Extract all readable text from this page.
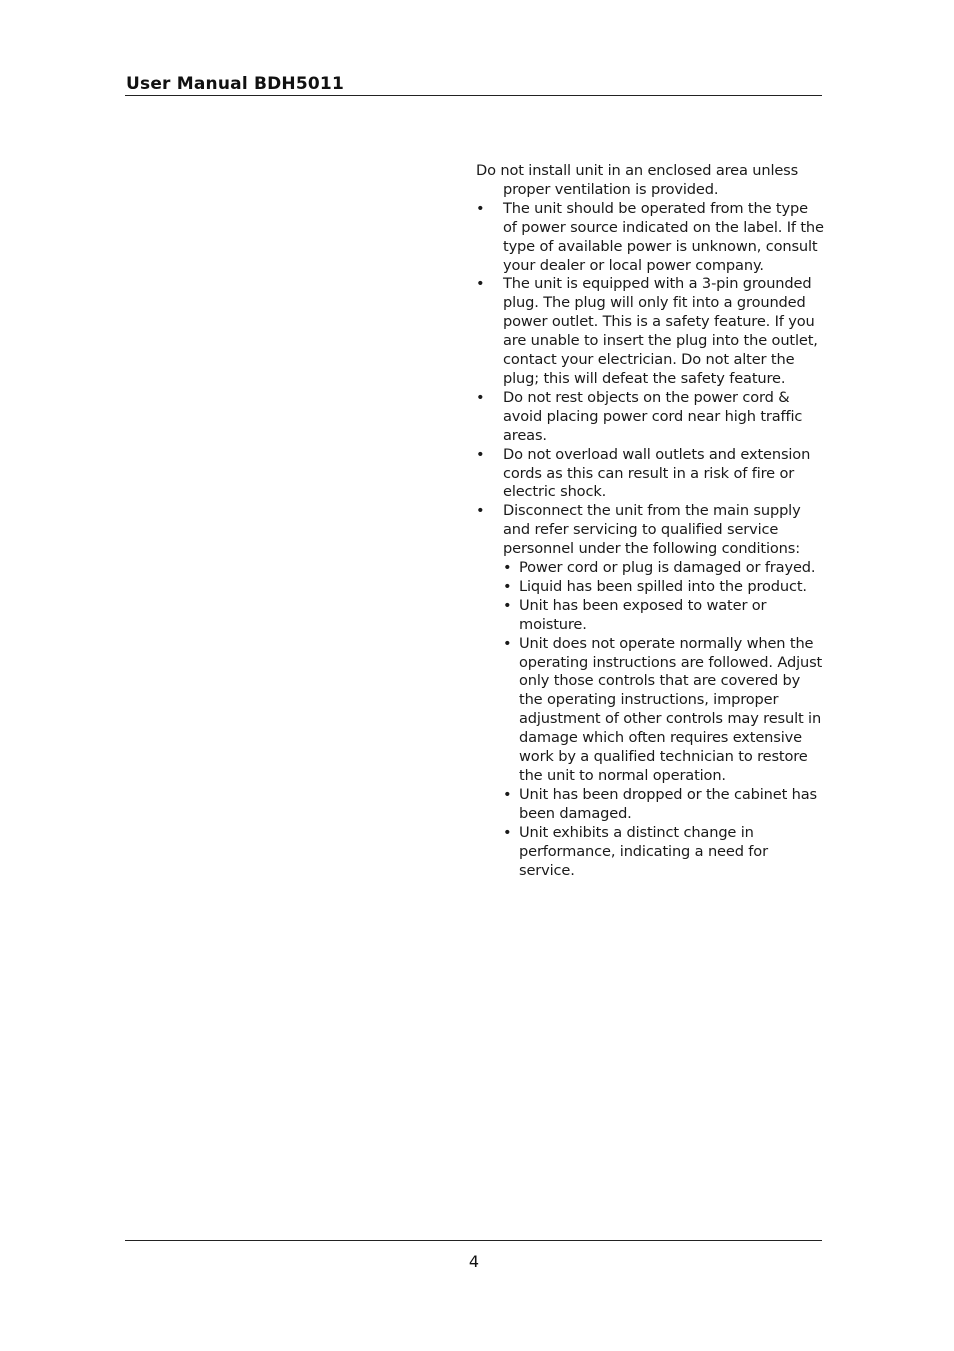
User Manual BDH5011

Do not install unit in an enclosed area unless proper ventilation is provided.

• The unit should be operated from the type of power source indicated on the label. If the type of available power is unknown, consult your dealer or local power company.
• The unit is equipped with a 3-pin grounded plug. The plug will only fit into a grounded power outlet. This is a safety feature. If you are unable to insert the plug into the outlet, contact your electrician. Do not alter the plug; this will defeat the safety feature.
• Do not rest objects on the power cord & avoid placing power cord near high traffic areas.
• Do not overload wall outlets and extension cords as this can result in a risk of fire or electric shock.
• Disconnect the unit from the main supply and refer servicing to qualified service personnel under the following conditions:
• Power cord or plug is damaged or frayed.
• Liquid has been spilled into the product.
• Unit has been exposed to water or moisture.
• Unit does not operate normally when the operating instructions are followed. Adjust only those controls that are covered by the operating instructions, improper adjustment of other controls may result in damage which often requires extensive work by a qualified technician to restore the unit to normal operation.
• Unit has been dropped or the cabinet has been damaged.
• Unit exhibits a distinct change in performance, indicating a need for service.
4
